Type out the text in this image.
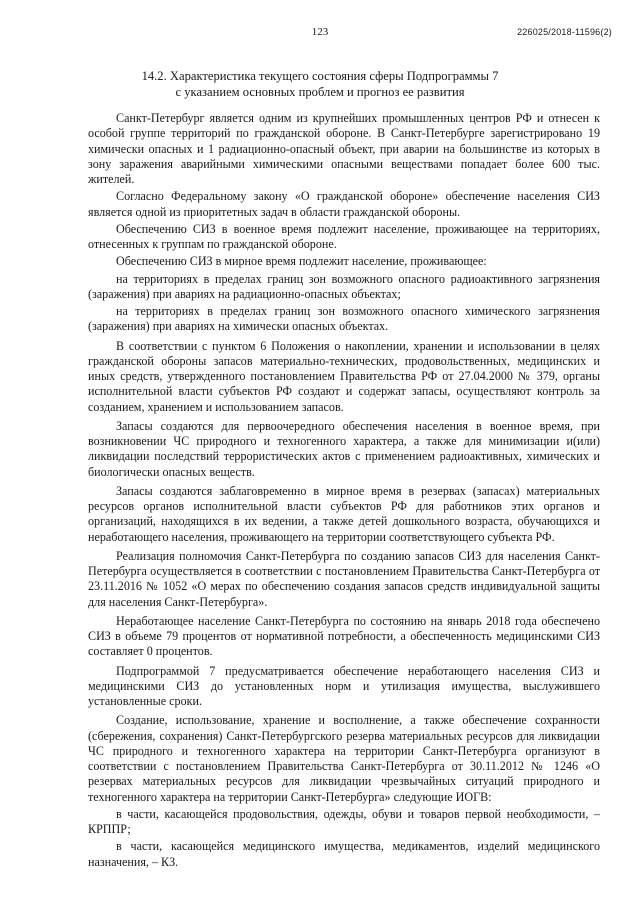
123	226025/2018-11596(2)
14.2. Характеристика текущего состояния сферы Подпрограммы 7
с указанием основных проблем и прогноз ее развития

Санкт-Петербург является одним из крупнейших промышленных центров РФ и отнесен к особой группе территорий по гражданской обороне. В Санкт-Петербурге зарегистрировано 19 химически опасных и 1 радиационно-опасный объект, при аварии на большинстве из которых в зону заражения аварийными химическими опасными веществами попадает более 600 тыс. жителей.

Согласно Федеральному закону «О гражданской обороне» обеспечение населения СИЗ является одной из приоритетных задач в области гражданской обороны.

Обеспечению СИЗ в военное время подлежит население, проживающее на территориях, отнесенных к группам по гражданской обороне.

Обеспечению СИЗ в мирное время подлежит население, проживающее:

на территориях в пределах границ зон возможного опасного радиоактивного загрязнения (заражения) при авариях на радиационно-опасных объектах;

на территориях в пределах границ зон возможного опасного химического загрязнения (заражения) при авариях на химически опасных объектах.

В соответствии с пунктом 6 Положения о накоплении, хранении и использовании в целях гражданской обороны запасов материально-технических, продовольственных, медицинских и иных средств, утвержденного постановлением Правительства РФ от 27.04.2000 № 379, органы исполнительной власти субъектов РФ создают и содержат запасы, осуществляют контроль за созданием, хранением и использованием запасов.

Запасы создаются для первоочередного обеспечения населения в военное время, при возникновении ЧС природного и техногенного характера, а также для минимизации и(или) ликвидации последствий террористических актов с применением радиоактивных, химических и биологически опасных веществ.

Запасы создаются заблаговременно в мирное время в резервах (запасах) материальных ресурсов органов исполнительной власти субъектов РФ для работников этих органов и организаций, находящихся в их ведении, а также детей дошкольного возраста, обучающихся и неработающего населения, проживающего на территории соответствующего субъекта РФ.

Реализация полномочия Санкт-Петербурга по созданию запасов СИЗ для населения Санкт-Петербурга осуществляется в соответствии с постановлением Правительства Санкт-Петербурга от 23.11.2016 № 1052 «О мерах по обеспечению создания запасов средств индивидуальной защиты для населения Санкт-Петербурга».

Неработающее население Санкт-Петербурга по состоянию на январь 2018 года обеспечено СИЗ в объеме 79 процентов от нормативной потребности, а обеспеченность медицинскими СИЗ составляет 0 процентов.

Подпрограммой 7 предусматривается обеспечение неработающего населения СИЗ и медицинскими СИЗ до установленных норм и утилизация имущества, выслужившего установленные сроки.

Создание, использование, хранение и восполнение, а также обеспечение сохранности (сбережения, сохранения) Санкт-Петербургского резерва материальных ресурсов для ликвидации ЧС природного и техногенного характера на территории Санкт-Петербурга организуют в соответствии с постановлением Правительства Санкт-Петербурга от 30.11.2012 № 1246 «О резервах материальных ресурсов для ликвидации чрезвычайных ситуаций природного и техногенного характера на территории Санкт-Петербурга» следующие ИОГВ:

в части, касающейся продовольствия, одежды, обуви и товаров первой необходимости, – КРППР;

в части, касающейся медицинского имущества, медикаментов, изделий медицинского назначения, – КЗ.
